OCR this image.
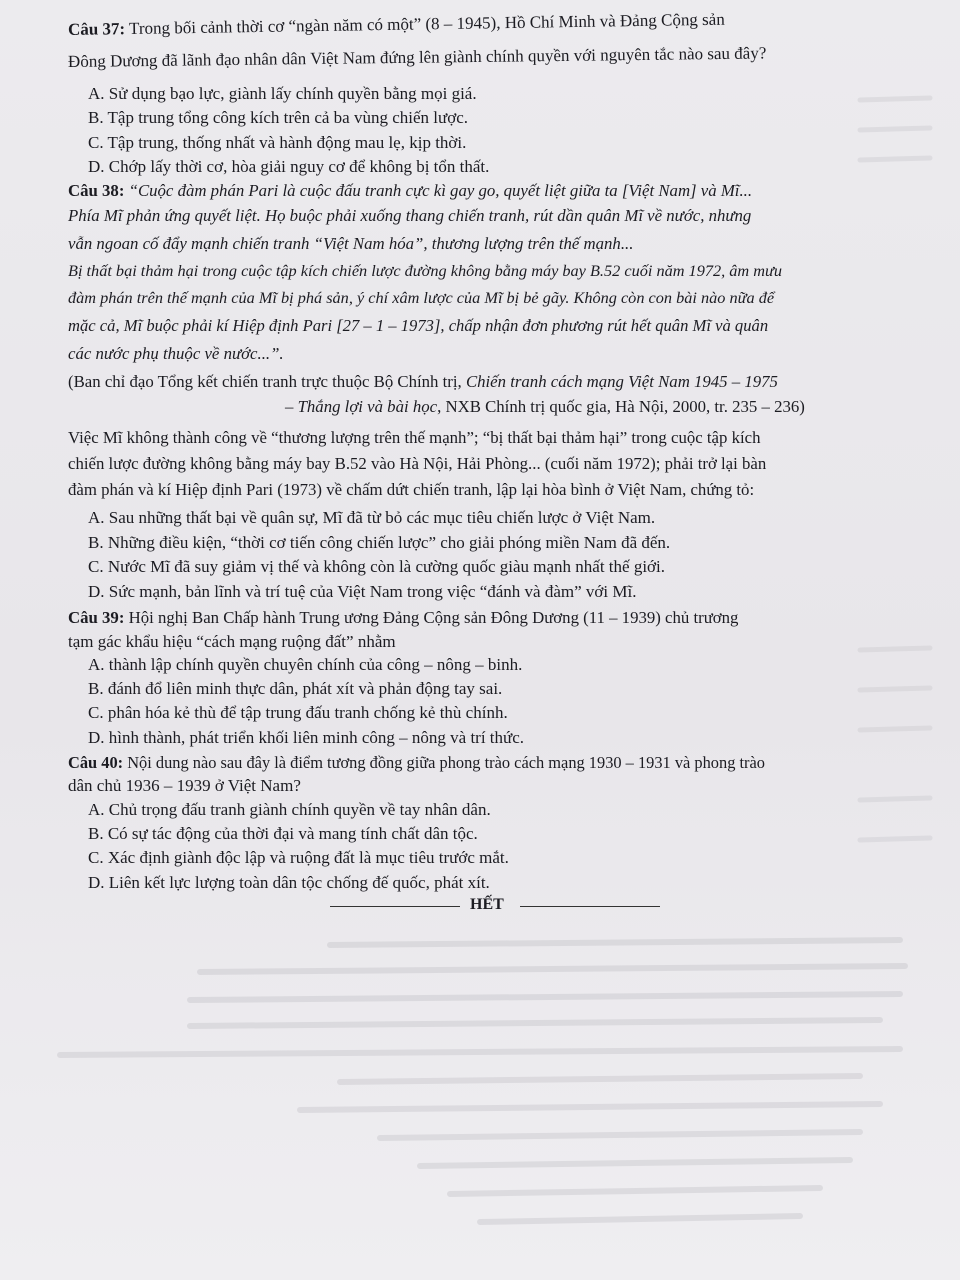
Câu 37: Trong bối cảnh thời cơ “ngàn năm có một” (8 – 1945), Hồ Chí Minh và Đảng Cộng sản
Đông Dương đã lãnh đạo nhân dân Việt Nam đứng lên giành chính quyền với nguyên tắc nào sau đây?
A. Sử dụng bạo lực, giành lấy chính quyền bằng mọi giá.
B. Tập trung tổng công kích trên cả ba vùng chiến lược.
C. Tập trung, thống nhất và hành động mau lẹ, kịp thời.
D. Chớp lấy thời cơ, hòa giải nguy cơ để không bị tổn thất.
Câu 38: “Cuộc đàm phán Pari là cuộc đấu tranh cực kì gay go, quyết liệt giữa ta [Việt Nam] và Mĩ...
Phía Mĩ phản ứng quyết liệt. Họ buộc phải xuống thang chiến tranh, rút dần quân Mĩ về nước, nhưng
vẫn ngoan cố đẩy mạnh chiến tranh “Việt Nam hóa”, thương lượng trên thế mạnh...
Bị thất bại thảm hại trong cuộc tập kích chiến lược đường không bằng máy bay B.52 cuối năm 1972, âm mưu
đàm phán trên thế mạnh của Mĩ bị phá sản, ý chí xâm lược của Mĩ bị bẻ gãy. Không còn con bài nào nữa để
mặc cả, Mĩ buộc phải kí Hiệp định Pari [27 – 1 – 1973], chấp nhận đơn phương rút hết quân Mĩ và quân
các nước phụ thuộc về nước...”.
(Ban chỉ đạo Tổng kết chiến tranh trực thuộc Bộ Chính trị, Chiến tranh cách mạng Việt Nam 1945 – 1975
– Thắng lợi và bài học, NXB Chính trị quốc gia, Hà Nội, 2000, tr. 235 – 236)
Việc Mĩ không thành công về “thương lượng trên thế mạnh”; “bị thất bại thảm hại” trong cuộc tập kích
chiến lược đường không bằng máy bay B.52 vào Hà Nội, Hải Phòng... (cuối năm 1972); phải trở lại bàn
đàm phán và kí Hiệp định Pari (1973) về chấm dứt chiến tranh, lập lại hòa bình ở Việt Nam, chứng tỏ:
A. Sau những thất bại về quân sự, Mĩ đã từ bỏ các mục tiêu chiến lược ở Việt Nam.
B. Những điều kiện, “thời cơ tiến công chiến lược” cho giải phóng miền Nam đã đến.
C. Nước Mĩ đã suy giảm vị thế và không còn là cường quốc giàu mạnh nhất thế giới.
D. Sức mạnh, bản lĩnh và trí tuệ của Việt Nam trong việc “đánh và đàm” với Mĩ.
Câu 39: Hội nghị Ban Chấp hành Trung ương Đảng Cộng sản Đông Dương (11 – 1939) chủ trương
tạm gác khẩu hiệu “cách mạng ruộng đất” nhằm
A. thành lập chính quyền chuyên chính của công – nông – binh.
B. đánh đổ liên minh thực dân, phát xít và phản động tay sai.
C. phân hóa kẻ thù để tập trung đấu tranh chống kẻ thù chính.
D. hình thành, phát triển khối liên minh công – nông và trí thức.
Câu 40: Nội dung nào sau đây là điểm tương đồng giữa phong trào cách mạng 1930 – 1931 và phong trào
dân chủ 1936 – 1939 ở Việt Nam?
A. Chủ trọng đấu tranh giành chính quyền về tay nhân dân.
B. Có sự tác động của thời đại và mang tính chất dân tộc.
C. Xác định giành độc lập và ruộng đất là mục tiêu trước mắt.
D. Liên kết lực lượng toàn dân tộc chống đế quốc, phát xít.
HẾT
